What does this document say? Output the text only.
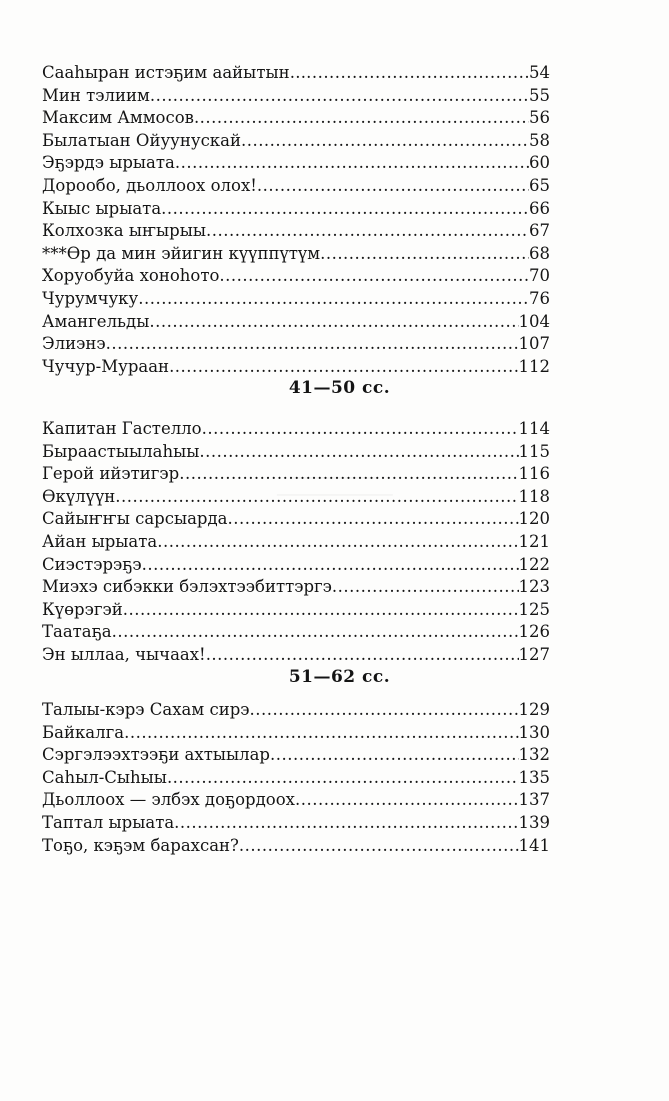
────────────
────────────────
Сааһыран истэҕим аайытын… .....	54
Мин тэлиим .....	55
Максим Аммосов .....	56
Былатыан Ойуунускай .....	58
Эҕэрдэ ырыата .....	60
Дорообо, дьоллоох олох! .....	65
Кыыс ырыата .....	66
Колхозка ыҥырыы .....	67
***Өр да мин эйигин күүппүтүм .....	68
Хоруобуйа хоноһото .....	70
Чурумчуку .....	76
Амангельды .....	104
Элиэнэ .....	107
Чучур-Мураан .....	112
41—50 сс.
Капитан Гастелло .....	114
Быраастыылаһыы .....	115
Герой ийэтигэр .....	116
Өкүлүүн .....	118
Сайыҥҥы сарсыарда .....	120
Айан ырыата .....	121
Сиэстэрэҕэ .....	122
Миэхэ сибэкки бэлэхтээбиттэргэ .....	123
Күөрэгэй .....	125
Таатаҕа .....	126
Эн ыллаа, чычаах! .....	127
51—62 сс.
Талыы-кэрэ Сахам сирэ .....	129
Байкалга .....	130
Сэргэлээхтээҕи ахтыылар .....	132
Саһыл-Сыһыы .....	135
Дьоллоох — элбэх доҕордоох .....	137
Таптал ырыата .....	139
Тоҕо, кэҕэм барахсан? .....	141
